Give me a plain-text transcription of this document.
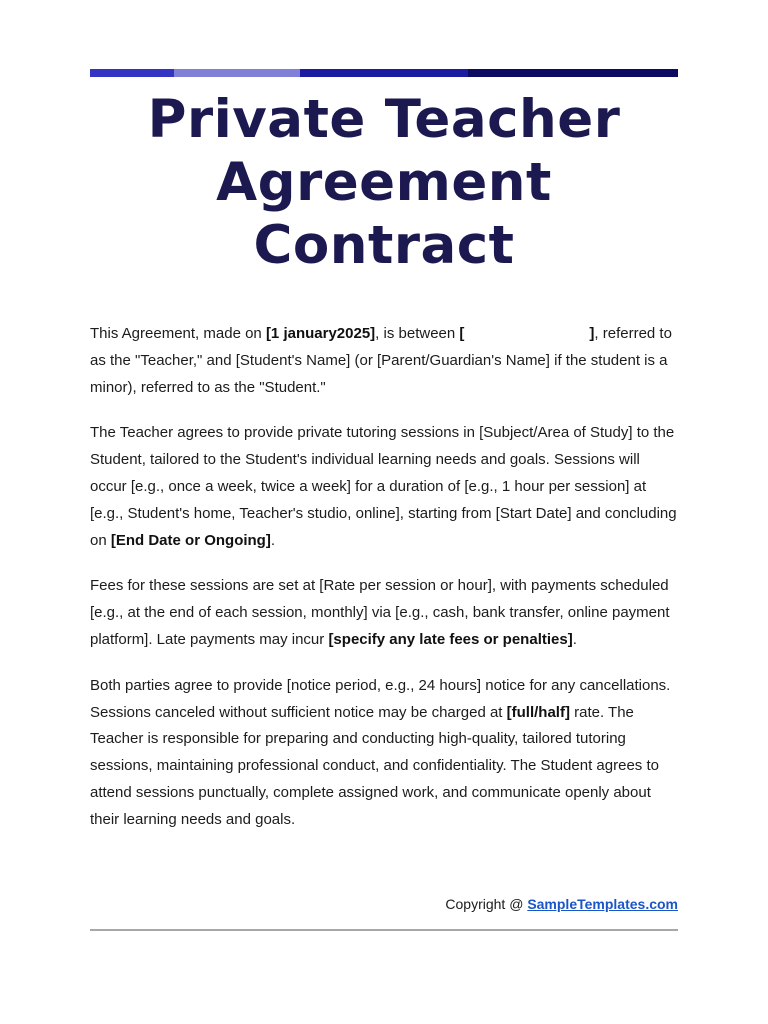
Private Teacher Agreement Contract

This Agreement, made on [1 january2025], is between [                              ], referred to as the "Teacher," and [Student's Name] (or [Parent/Guardian's Name] if the student is a minor), referred to as the "Student."

The Teacher agrees to provide private tutoring sessions in [Subject/Area of Study] to the Student, tailored to the Student's individual learning needs and goals. Sessions will occur [e.g., once a week, twice a week] for a duration of [e.g., 1 hour per session] at [e.g., Student's home, Teacher's studio, online], starting from [Start Date] and concluding on [End Date or Ongoing].

Fees for these sessions are set at [Rate per session or hour], with payments scheduled [e.g., at the end of each session, monthly] via [e.g., cash, bank transfer, online payment platform]. Late payments may incur [specify any late fees or penalties].

Both parties agree to provide [notice period, e.g., 24 hours] notice for any cancellations. Sessions canceled without sufficient notice may be charged at [full/half] rate. The Teacher is responsible for preparing and conducting high-quality, tailored tutoring sessions, maintaining professional conduct, and confidentiality. The Student agrees to attend sessions punctually, complete assigned work, and communicate openly about their learning needs and goals.

Copyright @ SampleTemplates.com
